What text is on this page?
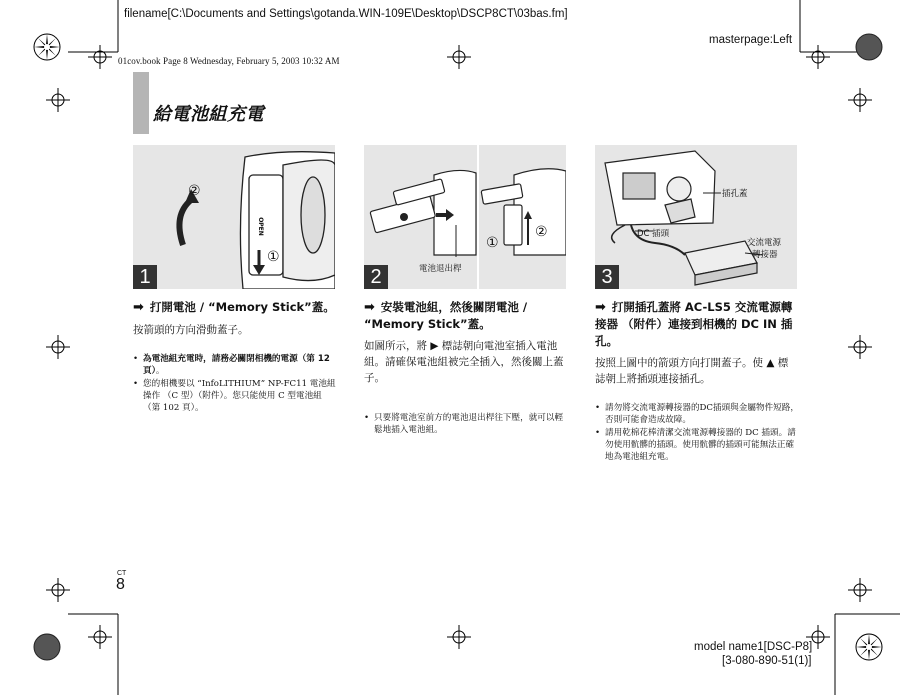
filename[C:\Documents and Settings\gotanda.WIN-109E\Desktop\DSCP8CT\03bas.fm]
masterpage:Left
01cov.book Page 8 Wednesday, February 5, 2003 10:32 AM
給電池組充電
OPEN
②
①
1	電池退出桿
①
②
2
插孔蓋
DC 插頭
交流電源
轉接器
3
➡ 打開電池 / “Memory Stick”蓋。
按箭頭的方向滑動蓋子。
• 為電池組充電時，請務必關閉相機的電源（第 12 頁）。
• 您的相機要以 “InfoLITHIUM” NP-FC11 電池組操作 （C 型）（附件）。您只能使用 C 型電池組 （第 102 頁）。
➡ 安裝電池組，然後關閉電池 / “Memory Stick”蓋。
如圖所示，將 ▶ 標誌朝向電池室插入電池組。請確保電池組被完全插入，然後關上蓋子。
• 只要將電池室前方的電池退出桿往下壓，就可以輕鬆地插入電池組。
➡ 打開插孔蓋將 AC-LS5 交流電源轉接器 （附件）連接到相機的 DC IN 插孔。
按照上圖中的箭頭方向打開蓋子。使 ▲ 標誌朝上將插頭連接插孔。
• 請勿將交流電源轉接器的DC插頭與金屬物件短路，否則可能會造成故障。
• 請用乾棉花棒清潔交流電源轉接器的 DC 插頭。請勿使用骯髒的插頭。使用骯髒的插頭可能無法正確地為電池組充電。
CT
8
model name1[DSC-P8]
[3-080-890-51(1)]
